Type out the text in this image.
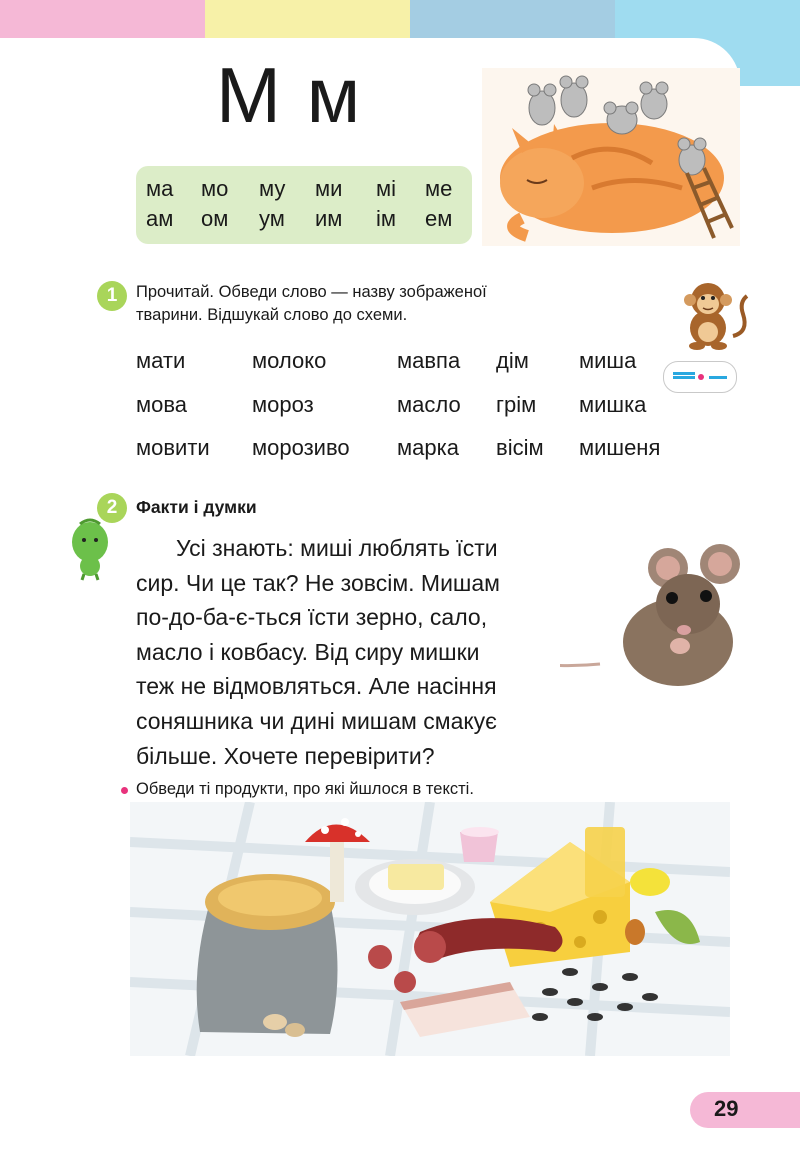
М м
ма мо му ми мі ме
ам ом ум им ім ем
1	Прочитай. Обведи слово — назву зображеної
тварини. Відшукай слово до схеми.
мати	молоко	мавпа дім миша
мова	мороз	масло грім мишка
мовити морозиво марка вісім мишеня
2	Факти і думки
Усі знають: миші люблять їсти
сир. Чи це так? Не зовсім. Мишам
по-до-ба-є-ться їсти зерно, сало,
масло і ковбасу. Від сиру мишки
теж не відмовляться. Але насіння
соняшника чи дині мишам смакує
більше. Хочете перевірити?
Обведи ті продукти, про які йшлося в тексті.
29
